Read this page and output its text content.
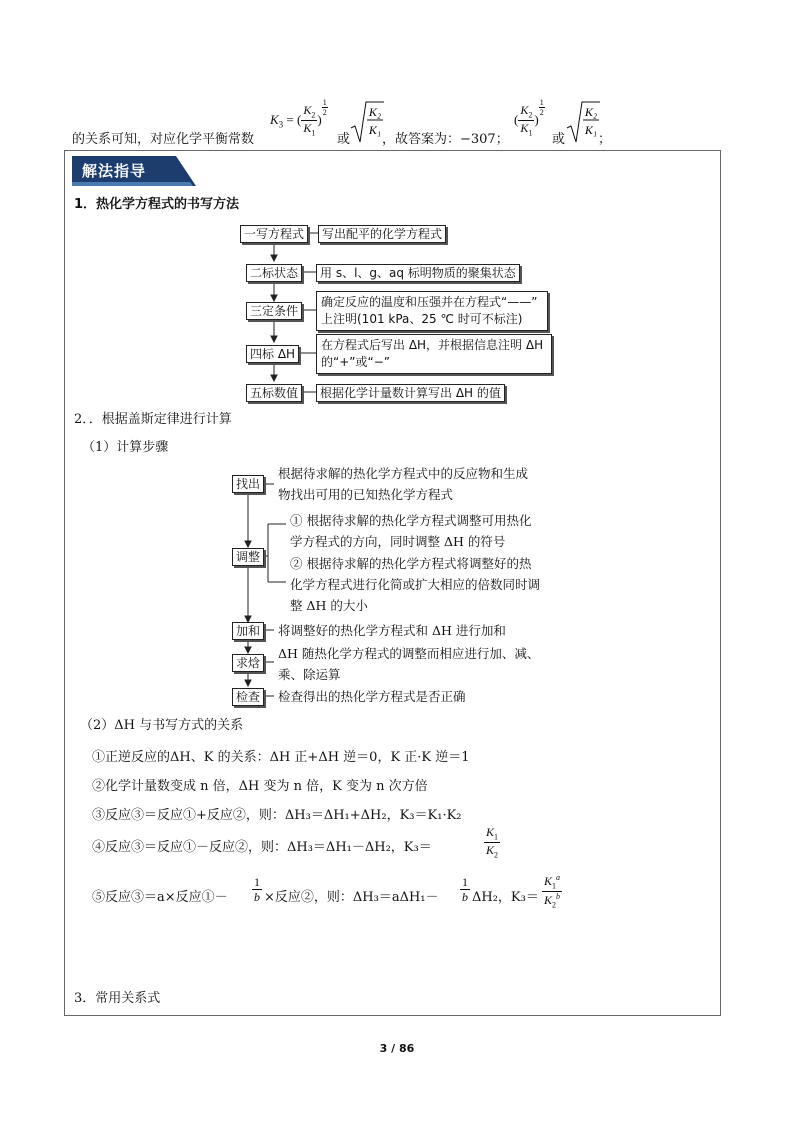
的关系可知，对应化学平衡常数
$K_3$ = ( $\frac{K_2}{K_1}$ )
$^{\frac{1}{2}}$
或
K₂
K₁
，故答案为：−307；
( $\frac{K_2}{K_1}$ )
$^{\frac{1}{2}}$
或
K₂
K₁
；
解法指导
1．热化学方程式的书写方法
一写方程式	写出配平的化学方程式
二标状态	用 s、l、g、aq 标明物质的聚集状态
三定条件
确定反应的温度和压强并在方程式“——”
上注明(101 kPa、25 ℃ 时可不标注)
四标 ΔH
在方程式后写出 ΔH，并根据信息注明 ΔH
的“+”或“−”
五标数值	根据化学计量数计算写出 ΔH 的值
2．．根据盖斯定律进行计算
（1）计算步骤
找出
根据待求解的热化学方程式中的反应物和生成
物找出可用的已知热化学方程式
调整
① 根据待求解的热化学方程式调整可用热化
学方程式的方向，同时调整 ΔH 的符号
② 根据待求解的热化学方程式将调整好的热
化学方程式进行化简或扩大相应的倍数同时调
整 ΔH 的大小
加和	将调整好的热化学方程式和 ΔH 进行加和
求焓
ΔH 随热化学方程式的调整而相应进行加、减、
乘、除运算
检查	检查得出的热化学方程式是否正确
（2）ΔH 与书写方式的关系
①正逆反应的ΔH、K 的关系：ΔH 正+ΔH 逆＝0，K 正·K 逆＝1
②化学计量数变成 n 倍，ΔH 变为 n 倍，K 变为 n 次方倍
③反应③＝反应①+反应②，则：ΔH₃＝ΔH₁+ΔH₂，K₃＝K₁·K₂
④反应③＝反应①－反应②，则：ΔH₃＝ΔH₁－ΔH₂，K₃＝	$\frac{K_1}{K_2}$
⑤反应③＝a×反应①－ $\frac{1}{b}$ ×反应②，则：$\Delta H_3=a\Delta H_1- \frac{1}{b} \Delta H_2$，$K_3= \frac{K_1^a}{K_2^b}$
3．常用关系式
3 / 86
